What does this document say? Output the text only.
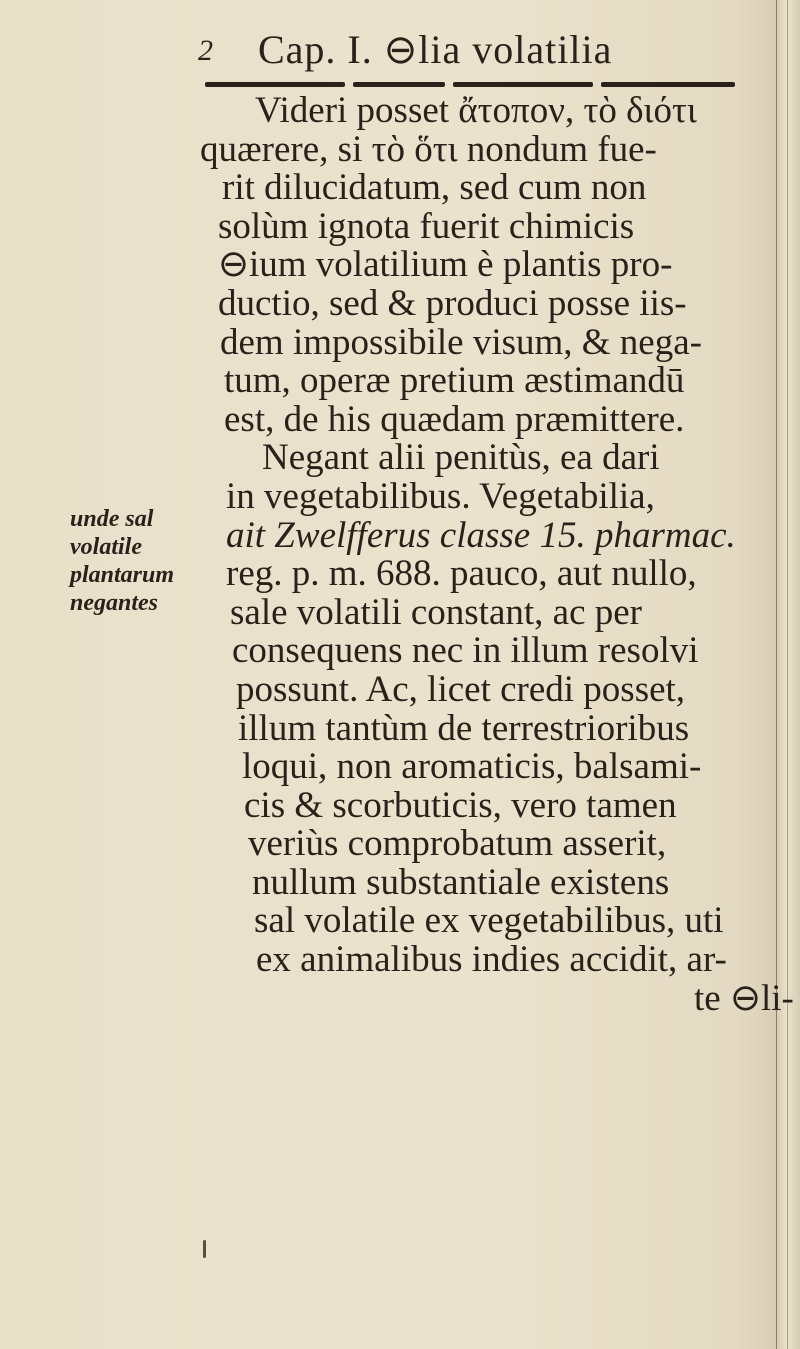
2 Cap. I. ⊖lia volatilia
unde sal
volatile
plantarum
negantes
Videri posset ἄτοπον, τὸ διότι
quærere, si τὸ ὅτι nondum fue-
rit dilucidatum, sed cum non
solùm ignota fuerit chimicis
⊖ium volatilium è plantis pro-
ductio, sed & produci posse iis-
dem impossibile visum, & nega-
tum, operæ pretium æstimandū
est, de his quædam præmittere.
Negant alii penitùs, ea dari
in vegetabilibus. Vegetabilia,
ait Zwelfferus classe 15. pharmac.
reg. p. m. 688. pauco, aut nullo,
sale volatili constant, ac per
consequens nec in illum resolvi
possunt. Ac, licet credi posset,
illum tantùm de terrestrioribus
loqui, non aromaticis, balsami-
cis & scorbuticis, vero tamen
veriùs comprobatum asserit,
nullum substantiale existens
sal volatile ex vegetabilibus, uti
ex animalibus indies accidit, ar-
te ⊖li-
